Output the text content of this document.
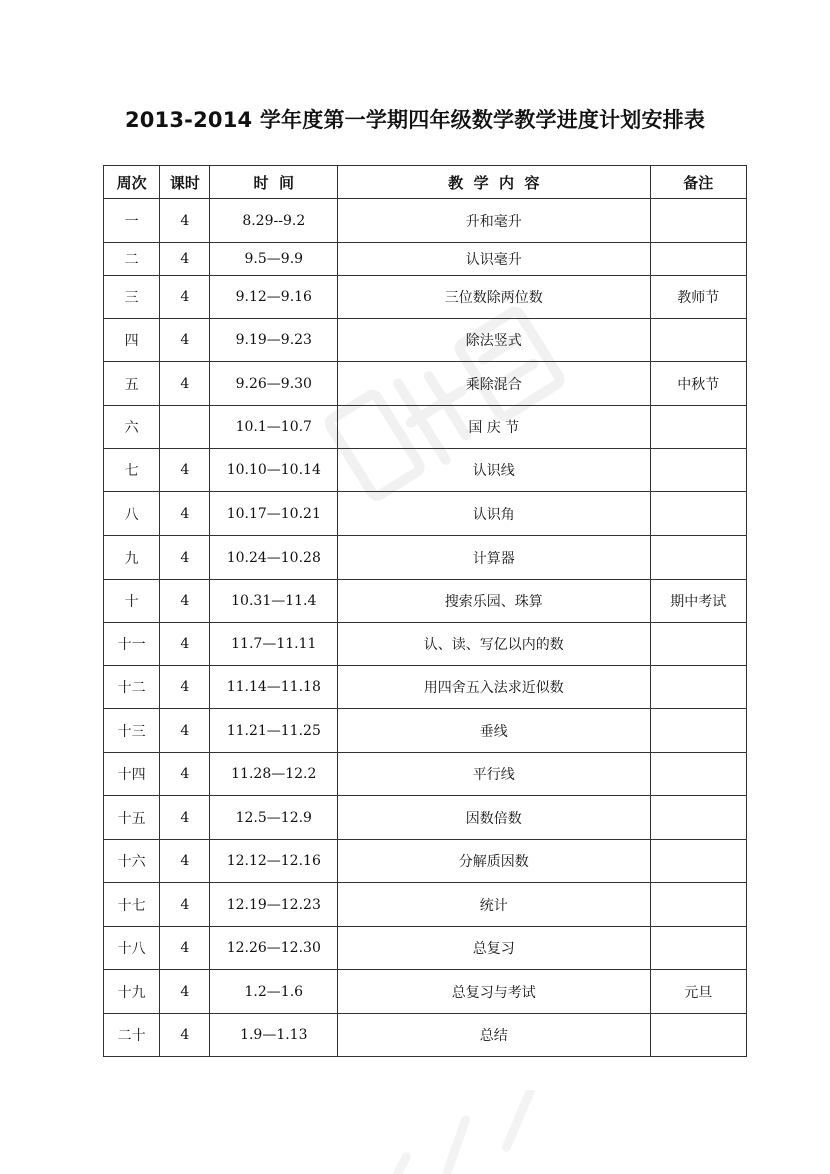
2013-2014 学年度第一学期四年级数学教学进度计划安排表
周次	课时	时  间	教  学  内  容	备注
一	4	8.29--9.2	升和毫升	
二	4	9.5—9.9	认识毫升	
三	4	9.12—9.16	三位数除两位数	教师节
四	4	9.19—9.23	除法竖式	
五	4	9.26—9.30	乘除混合	中秋节
六		10.1—10.7	国 庆 节	
七	4	10.10—10.14	认识线	
八	4	10.17—10.21	认识角	
九	4	10.24—10.28	计算器	
十	4	10.31—11.4	搜索乐园、珠算	期中考试
十一	4	11.7—11.11	认、读、写亿以内的数	
十二	4	11.14—11.18	用四舍五入法求近似数	
十三	4	11.21—11.25	垂线	
十四	4	11.28—12.2	平行线	
十五	4	12.5—12.9	因数倍数	
十六	4	12.12—12.16	分解质因数	
十七	4	12.19—12.23	统计	
十八	4	12.26—12.30	总复习	
十九	4	1.2—1.6	总复习与考试	元旦
二十	4	1.9—1.13	总结	
